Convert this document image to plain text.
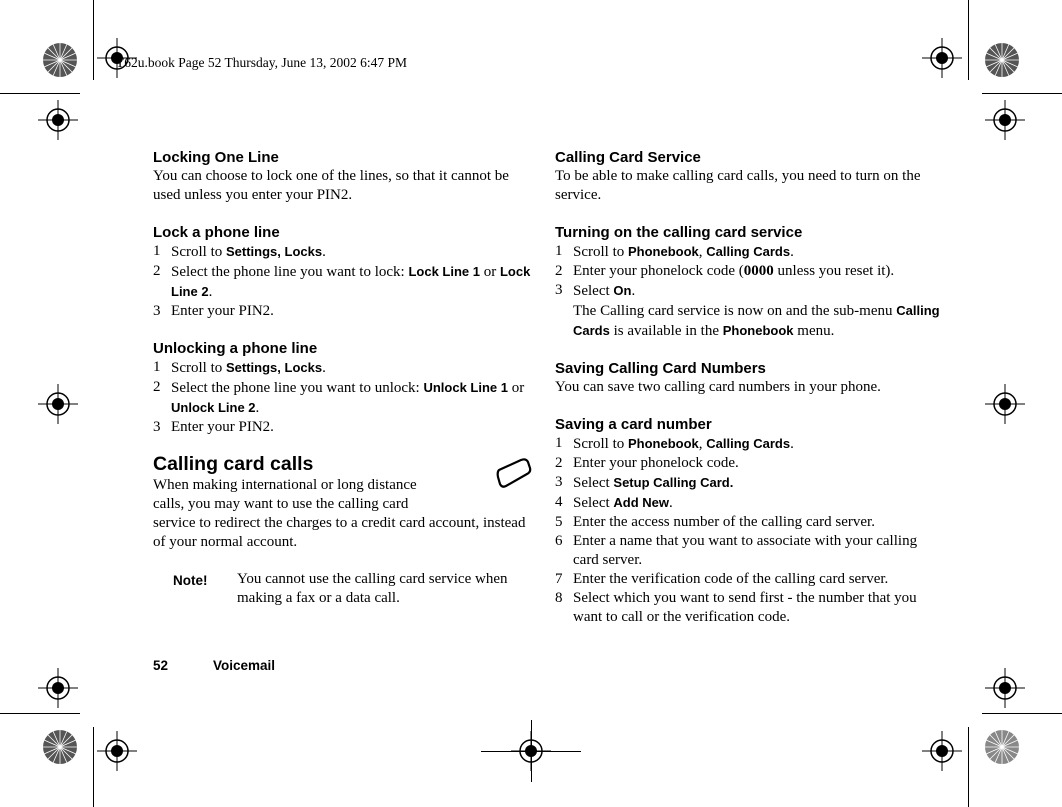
T62u.book Page 52 Thursday, June 13, 2002 6:47 PM
Locking One Line

You can choose to lock one of the lines, so that it cannot be used unless you enter your PIN2.

Lock a phone line
1 Scroll to Settings, Locks.
2 Select the phone line you want to lock: Lock Line 1 or Lock Line 2.
3 Enter your PIN2.
Unlocking a phone line
1 Scroll to Settings, Locks.
2 Select the phone line you want to unlock: Unlock Line 1 or Unlock Line 2.
3 Enter your PIN2.
Calling card calls

When making international or long distance

calls, you may want to use the calling card

service to redirect the charges to a credit card account, instead of your normal account.

Note! You cannot use the calling card service when making a fax or a data call.
Calling Card Service

To be able to make calling card calls, you need to turn on the service.

Turning on the calling card service
1 Scroll to Phonebook, Calling Cards.
2 Enter your phonelock code (0000 unless you reset it).
3 Select On.
The Calling card service is now on and the sub-menu Calling Cards is available in the Phonebook menu.
Saving Calling Card Numbers

You can save two calling card numbers in your phone.

Saving a card number
1 Scroll to Phonebook, Calling Cards.
2 Enter your phonelock code.
3 Select Setup Calling Card.
4 Select Add New.
5 Enter the access number of the calling card server.
6 Enter a name that you want to associate with your calling card server.
7 Enter the verification code of the calling card server.
8 Select which you want to send first - the number that you want to call or the verification code.
52	Voicemail
